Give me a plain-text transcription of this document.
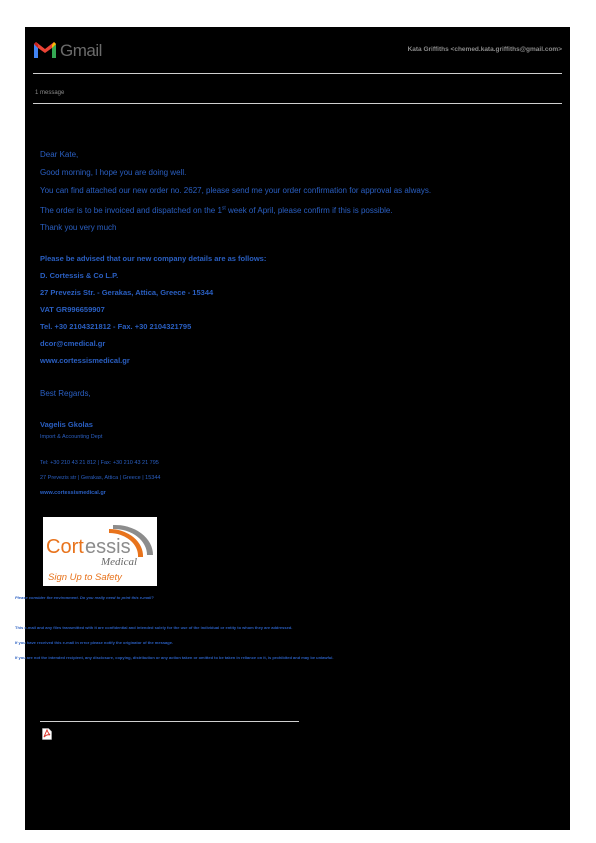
Gmail	Kata Griffiths <chemed.kata.griffiths@gmail.com>
1 message

Dear Kate,

Good morning, I hope you are doing well.

You can find attached our new order no. 2627, please send me your order confirmation for approval as always.

The order is to be invoiced and dispatched on the 1st week of April, please confirm if this is possible.

Thank you very much

Please be advised that our new company details are as follows:

D. Cortessis & Co L.P.

27 Prevezis Str. - Gerakas, Attica, Greece - 15344

VAT GR996659907

Tel. +30 2104321812 - Fax. +30 2104321795

dcor@cmedical.gr

www.cortessismedical.gr

Best Regards,

Vagelis Gkolas

Import & Accounting Dept

Tel: +30 210 43 21 812 | Fax: +30 210 43 21 795

27 Prevezis str | Gerakas, Attica | Greece | 15344

www.cortessismedical.gr

Cort essis
Medical
Sign Up to Safety

Please consider the environment. Do you really need to print this e-mail?

This e-mail and any files transmitted with it are confidential and intended solely for the use of the individual or entity to whom they are addressed.

If you have received this e-mail in error please notify the originator of the message.

If you are not the intended recipient, any disclosure, copying, distribution or any action taken or omitted to be taken in reliance on it, is prohibited and may be unlawful.
